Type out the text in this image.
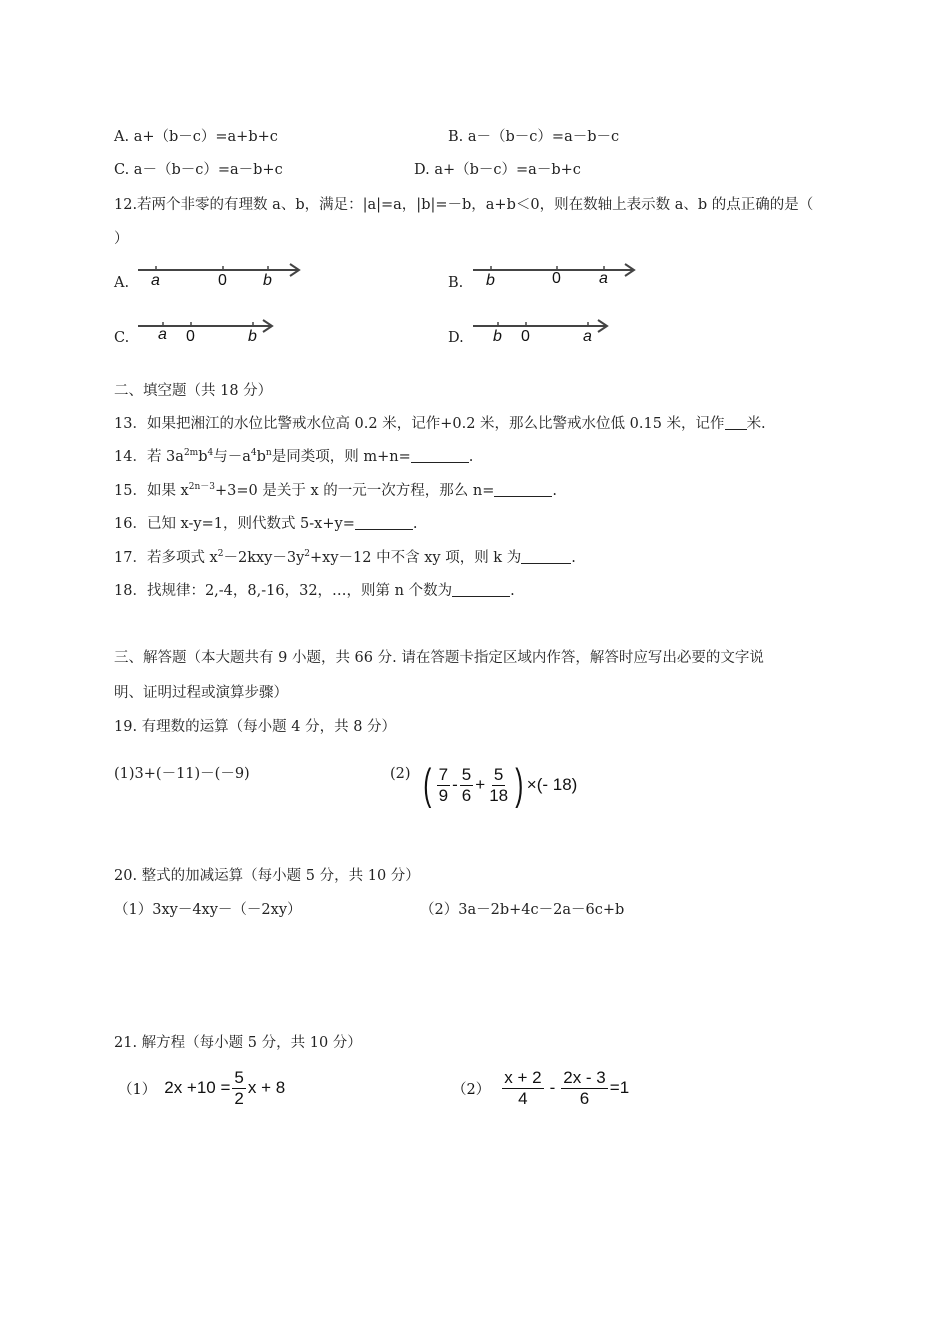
A. a+（b－c）=a+b+c	B. a－（b－c）=a－b－c
C. a－（b－c）=a－b+c	D. a+（b－c）=a－b+c
12.若两个非零的有理数 a、b，满足：|a|=a，|b|=－b，a+b＜0，则在数轴上表示数 a、b 的点正确的是（
）
A. a	0 b	B. b	0 a
C. a 0	b	D. b 0	a
二、填空题（共 18 分）
13．如果把湘江的水位比警戒水位高 0.2 米，记作+0.2 米，那么比警戒水位低 0.15 米，记作 米.
14．若 $3a^{2m}b^4$与$-a^4b^n$是同类项，则 m+n=	.
15．如果 $x^{2n-3}+3=0$ 是关于 x 的一元一次方程，那么 n=	.
16．已知 x-y=1，则代数式 5-x+y=	.
17．若多项式 $x^2-2kxy-3y^2+xy-12$ 中不含 xy 项，则 k 为	.
18．找规律：2,-4，8,-16，32，…，则第 n 个数为	.
三、解答题（本大题共有 9 小题，共 66 分. 请在答题卡指定区域内作答，解答时应写出必要的文字说
明、证明过程或演算步骤）
19. 有理数的运算（每小题 4 分，共 8 分）
(1)3+(－11)－(－9)	(2) ( $\frac{7}{9} - \frac{5}{6} + \frac{5}{18}$ ) ×(- 18)
20. 整式的加减运算（每小题 5 分，共 10 分）
（1）3xy－4xy－（－2xy）	（2）3a－2b+4c－2a－6c+b
21. 解方程（每小题 5 分，共 10 分）
（1） $2x +10 = \frac{5}{2}$ x + 8	$(2) \frac{x + 2}{4} - \frac{2x - 3}{6} =1$
